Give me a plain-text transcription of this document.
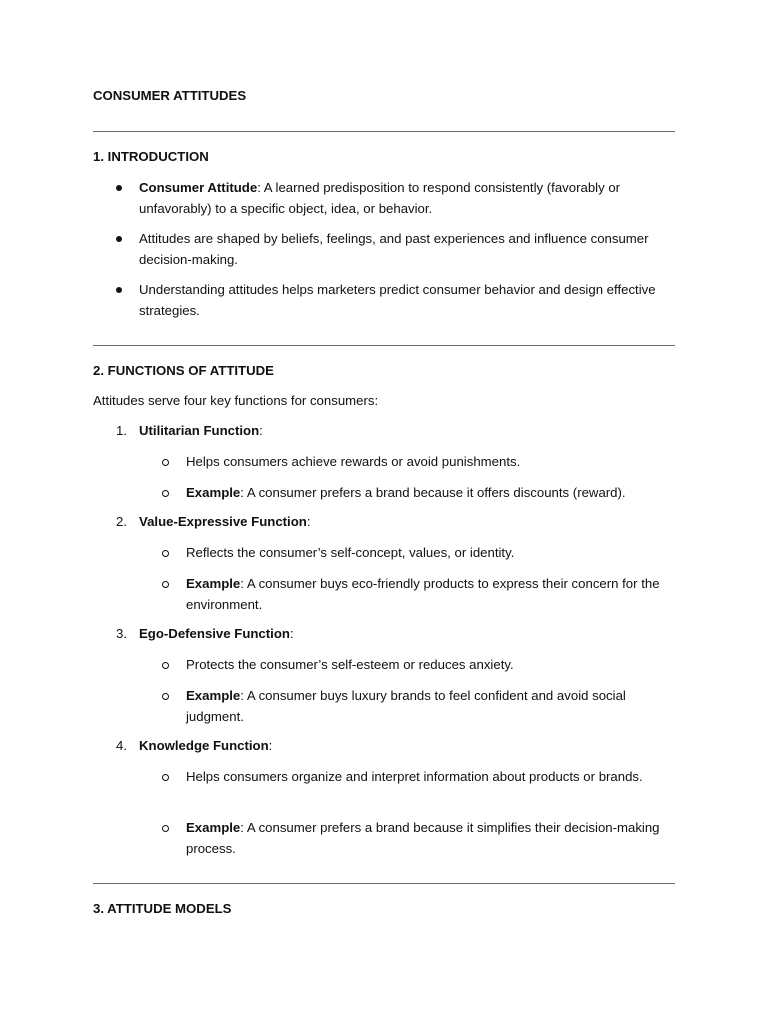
CONSUMER ATTITUDES
1. INTRODUCTION
Consumer Attitude: A learned predisposition to respond consistently (favorably or unfavorably) to a specific object, idea, or behavior.
Attitudes are shaped by beliefs, feelings, and past experiences and influence consumer decision-making.
Understanding attitudes helps marketers predict consumer behavior and design effective strategies.
2. FUNCTIONS OF ATTITUDE
Attitudes serve four key functions for consumers:
1. Utilitarian Function:
Helps consumers achieve rewards or avoid punishments.
Example: A consumer prefers a brand because it offers discounts (reward).
2. Value-Expressive Function:
Reflects the consumer’s self-concept, values, or identity.
Example: A consumer buys eco-friendly products to express their concern for the environment.
3. Ego-Defensive Function:
Protects the consumer’s self-esteem or reduces anxiety.
Example: A consumer buys luxury brands to feel confident and avoid social judgment.
4. Knowledge Function:
Helps consumers organize and interpret information about products or brands.
Example: A consumer prefers a brand because it simplifies their decision-making process.
3. ATTITUDE MODELS
